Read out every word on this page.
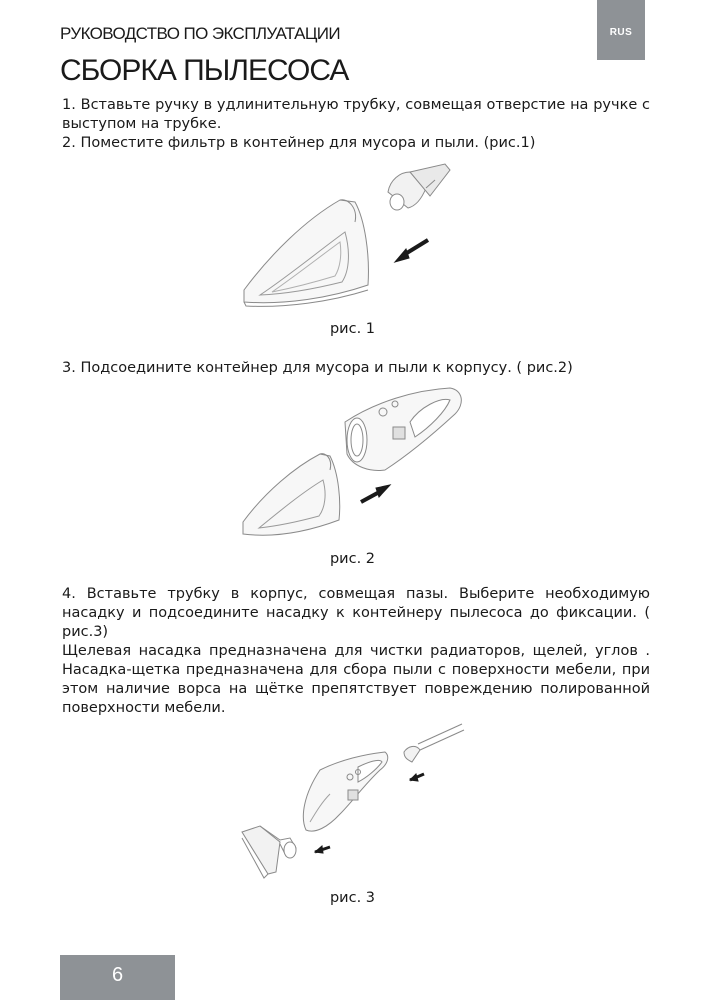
РУКОВОДСТВО ПО ЭКСПЛУАТАЦИИ	RUS
СБОРКА ПЫЛЕСОСА

1. Вставьте ручку в удлинительную трубку, совмещая отверстие на ручке с выступом на трубке.

2. Поместите фильтр в контейнер для мусора и пыли. (рис.1)

рис. 1

3. Подсоедините контейнер для мусора и пыли к корпусу. ( рис.2)

рис. 2

4. Вставьте трубку в корпус, совмещая пазы. Выберите необходимую насадку и подсоедините насадку к контейнеру пылесоса до фиксации. ( рис.3)

Щелевая насадка предназначена для чистки радиаторов, щелей, углов . Насадка-щетка предназначена для сбора пыли с поверхности мебели, при этом наличие ворса на щётке препятствует повреждению полированной поверхности мебели.

рис. 3
6
